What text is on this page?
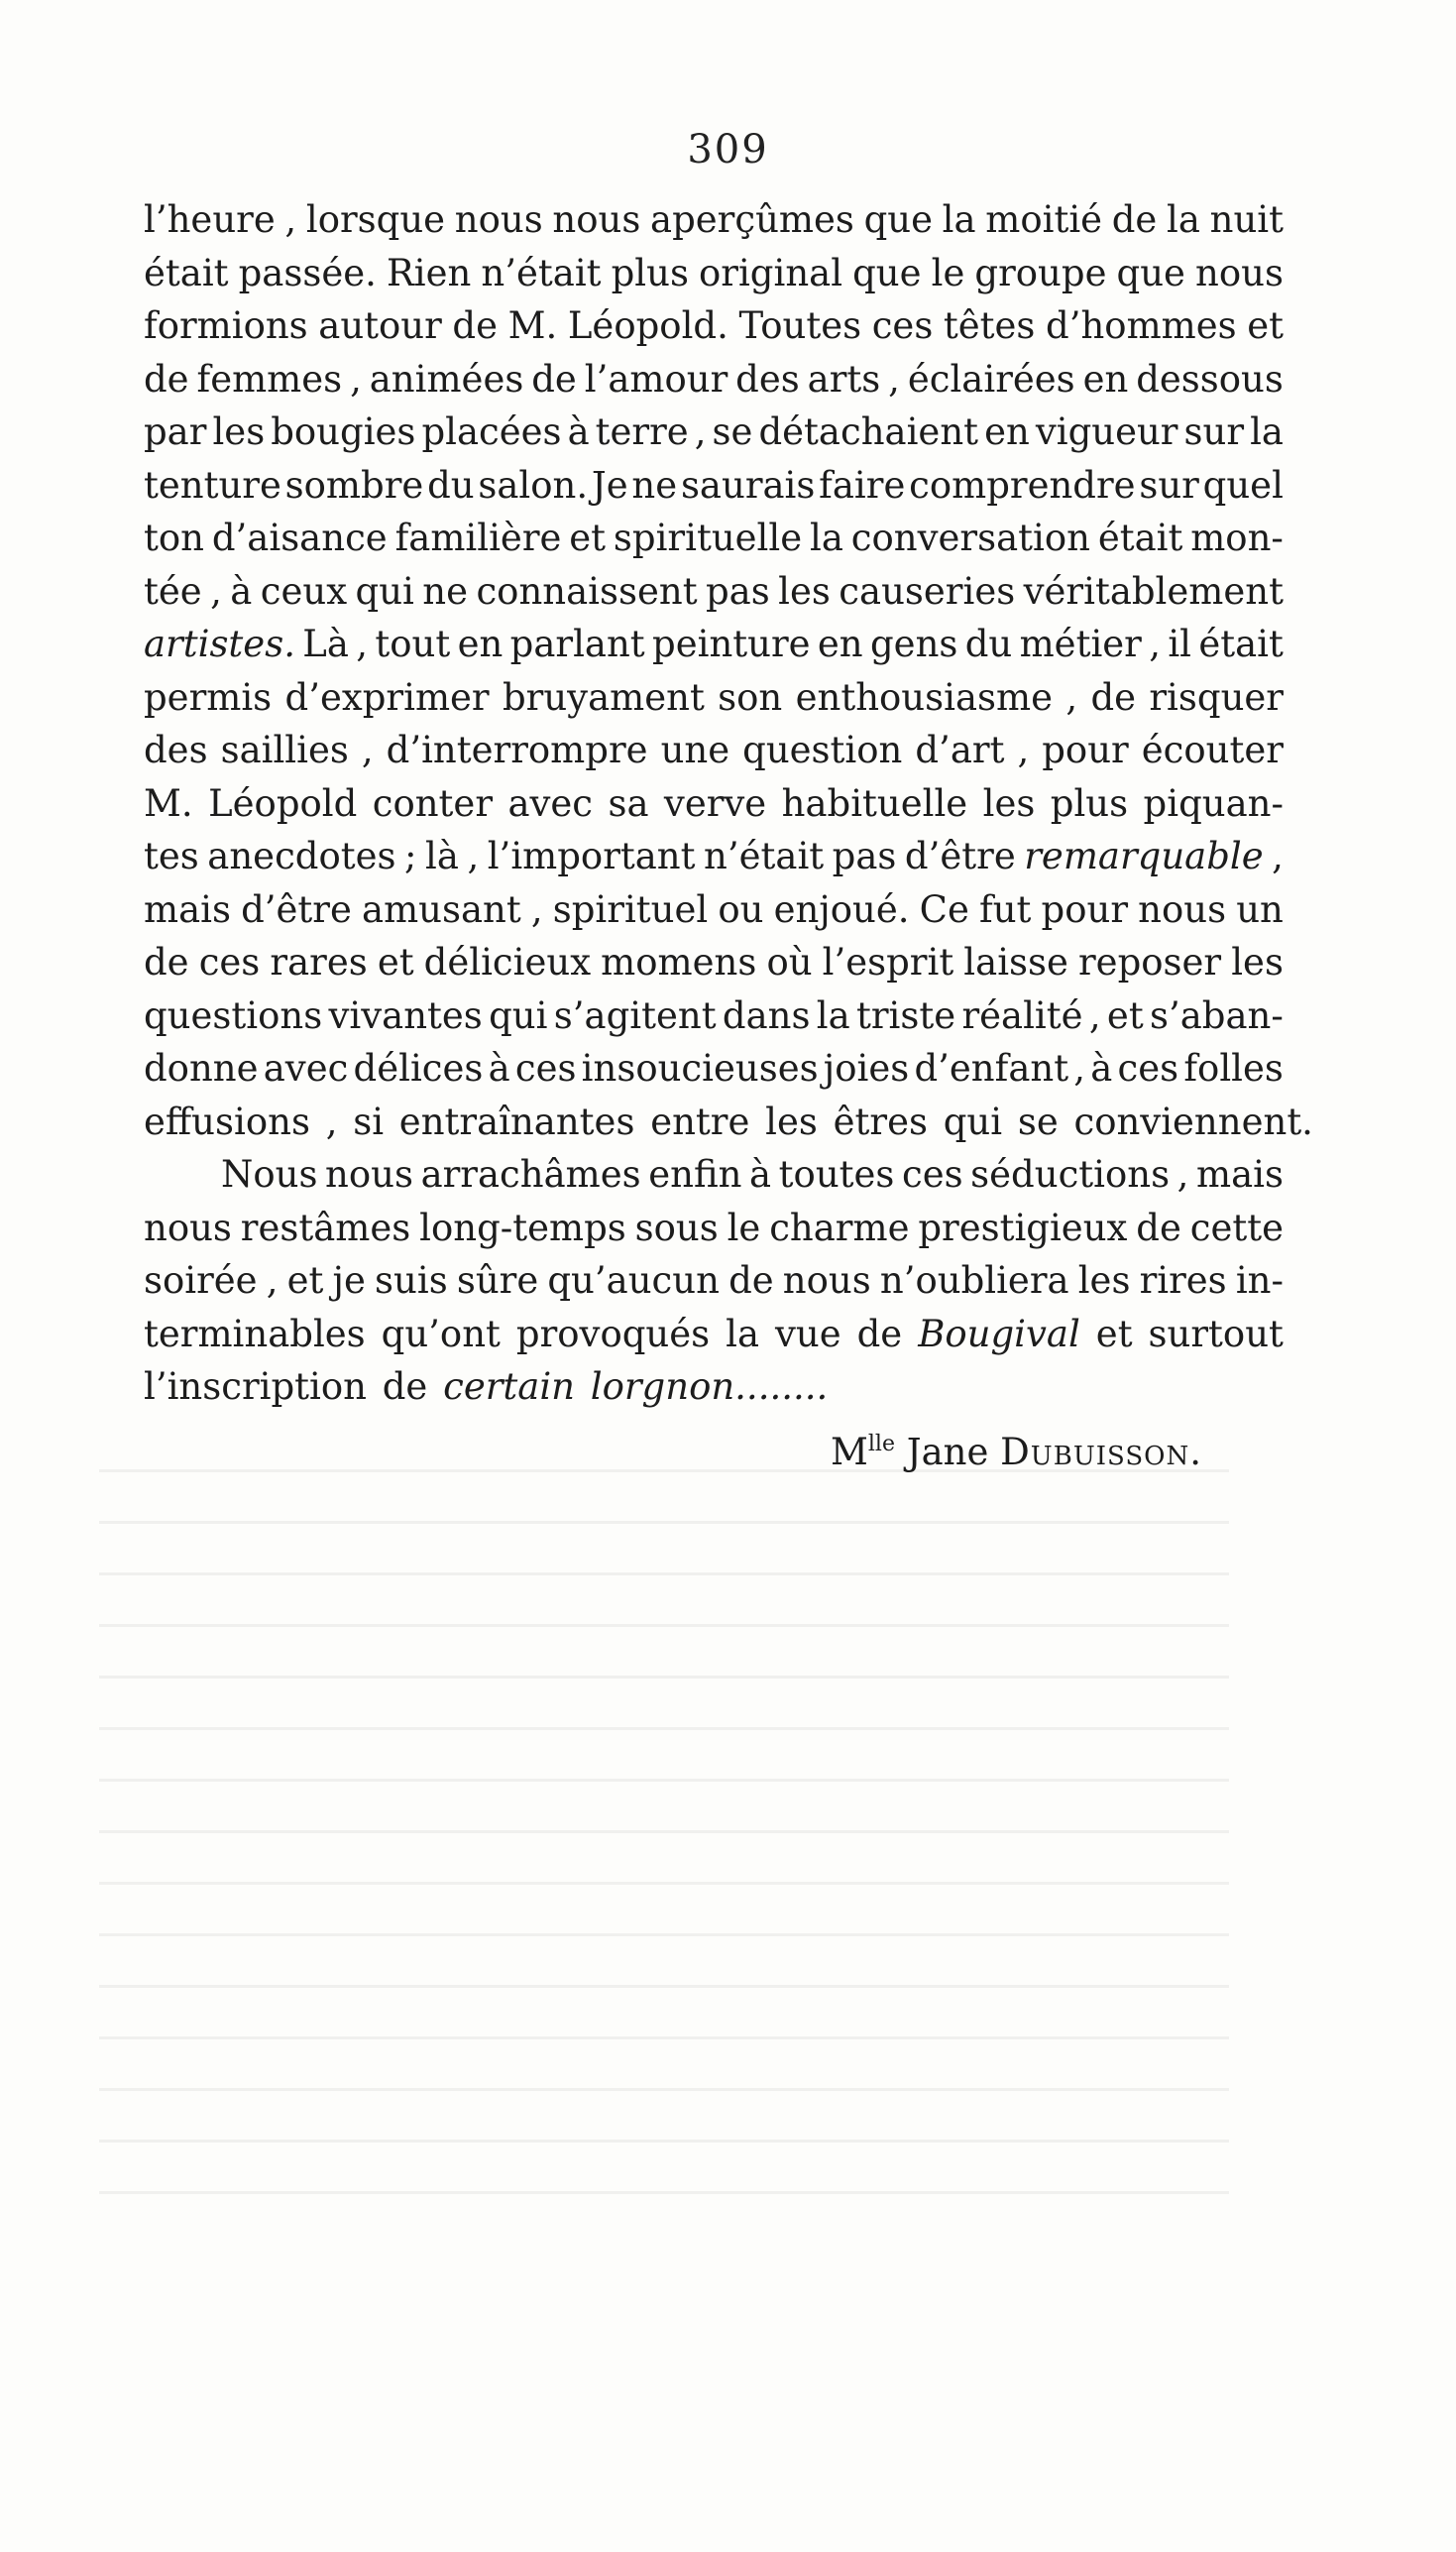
309
l’heure , lorsque nous nous aperçûmes que la moitié de la nuit
était passée. Rien n’était plus original que le groupe que nous
formions autour de M. Léopold. Toutes ces têtes d’hommes et
de femmes , animées de l’amour des arts , éclairées en dessous
par les bougies placées à terre , se détachaient en vigueur sur la
tenture sombre du salon. Je ne saurais faire comprendre sur quel
ton d’aisance familière et spirituelle la conversation était mon-
tée , à ceux qui ne connaissent pas les causeries véritablement
artistes. Là , tout en parlant peinture en gens du métier , il était
permis d’exprimer bruyament son enthousiasme , de risquer
des saillies , d’interrompre une question d’art , pour écouter
M. Léopold conter avec sa verve habituelle les plus piquan-
tes anecdotes ; là , l’important n’était pas d’être remarquable ,
mais d’être amusant , spirituel ou enjoué. Ce fut pour nous un
de ces rares et délicieux momens où l’esprit laisse reposer les
questions vivantes qui s’agitent dans la triste réalité , et s’aban-
donne avec délices à ces insoucieuses joies d’enfant , à ces folles
effusions , si entraînantes entre les êtres qui se conviennent.
Nous nous arrachâmes enfin à toutes ces séductions , mais
nous restâmes long-temps sous le charme prestigieux de cette
soirée , et je suis sûre qu’aucun de nous n’oubliera les rires in-
terminables qu’ont provoqués la vue de Bougival et surtout
l’inscription de certain lorgnon........
$M^{lle}$ Jane Dubuisson.
